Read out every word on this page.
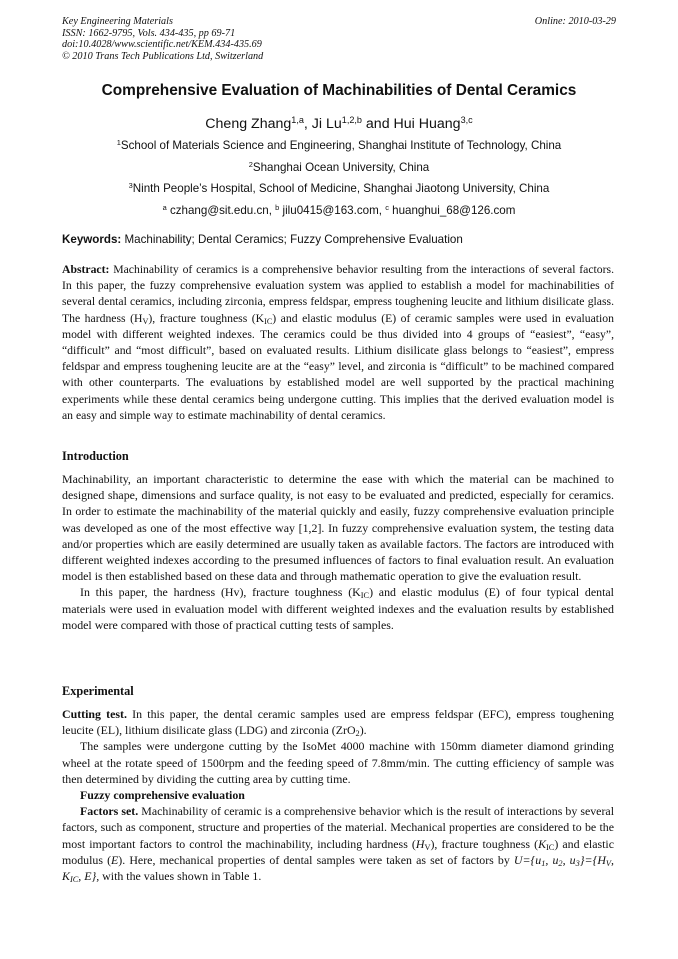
Key Engineering Materials
ISSN: 1662-9795, Vols. 434-435, pp 69-71
doi:10.4028/www.scientific.net/KEM.434-435.69
© 2010 Trans Tech Publications Ltd, Switzerland
Online: 2010-03-29
Comprehensive Evaluation of Machinabilities of Dental Ceramics
Cheng Zhang$^{1,a}$, Ji Lu$^{1,2,b}$ and Hui Huang$^{3,c}$
$^1$School of Materials Science and Engineering, Shanghai Institute of Technology, China
$^2$Shanghai Ocean University, China
$^3$Ninth People’s Hospital, School of Medicine, Shanghai Jiaotong University, China
$^a$ czhang@sit.edu.cn, $^b$ jilu0415@163.com, $^c$ huanghui_68@126.com
Keywords: Machinability; Dental Ceramics; Fuzzy Comprehensive Evaluation
Abstract: Machinability of ceramics is a comprehensive behavior resulting from the interactions of several factors. In this paper, the fuzzy comprehensive evaluation system was applied to establish a model for machinabilities of several dental ceramics, including zirconia, empress feldspar, empress toughening leucite and lithium disilicate glass. The hardness $(H_V)$, fracture toughness $(K_{IC})$ and elastic modulus (E) of ceramic samples were used in evaluation model with different weighted indexes. The ceramics could be thus divided into 4 groups of “easiest”, “easy”, “difficult” and “most difficult”, based on evaluated results. Lithium disilicate glass belongs to “easiest”, empress feldspar and empress toughening leucite are at the “easy” level, and zirconia is “difficult” to be machined compared with other counterparts. The evaluations by established model are well supported by the practical machining experiments while these dental ceramics being undergone cutting. This implies that the derived evaluation model is an easy and simple way to estimate machinability of dental ceramics.
Introduction

Machinability, an important characteristic to determine the ease with which the material can be machined to designed shape, dimensions and surface quality, is not easy to be evaluated and predicted, especially for ceramics. In order to estimate the machinability of the material quickly and easily, fuzzy comprehensive evaluation principle was developed as one of the most effective way [1,2]. In fuzzy comprehensive evaluation system, the testing data and/or properties which are easily determined are usually taken as available factors. The factors are introduced with different weighted indexes according to the presumed influences of factors to final evaluation result. An evaluation model is then established based on these data and through mathematic operation to give the evaluation result.

In this paper, the hardness (Hv), fracture toughness $(K_{IC})$ and elastic modulus (E) of four typical dental materials were used in evaluation model with different weighted indexes and the evaluation results by established model were compared with those of practical cutting tests of samples.

Experimental

Cutting test. In this paper, the dental ceramic samples used are empress feldspar (EFC), empress toughening leucite (EL), lithium disilicate glass (LDG) and zirconia (ZrO$_2$).

The samples were undergone cutting by the IsoMet 4000 machine with 150mm diameter diamond grinding wheel at the rotate speed of 1500rpm and the feeding speed of 7.8mm/min. The cutting efficiency of sample was then determined by dividing the cutting area by cutting time.

Fuzzy comprehensive evaluation

Factors set. Machinability of ceramic is a comprehensive behavior which is the result of interactions by several factors, such as component, structure and properties of the material. Mechanical properties are considered to be the most important factors to control the machinability, including hardness $(H_V)$, fracture toughness $(K_{IC})$ and elastic modulus (E). Here, mechanical properties of dental samples were taken as set of factors by $U=\{u_1$, $u_2$, $u_3\}=\{H_V$, $K_{IC}$, E}, with the values shown in Table 1.
